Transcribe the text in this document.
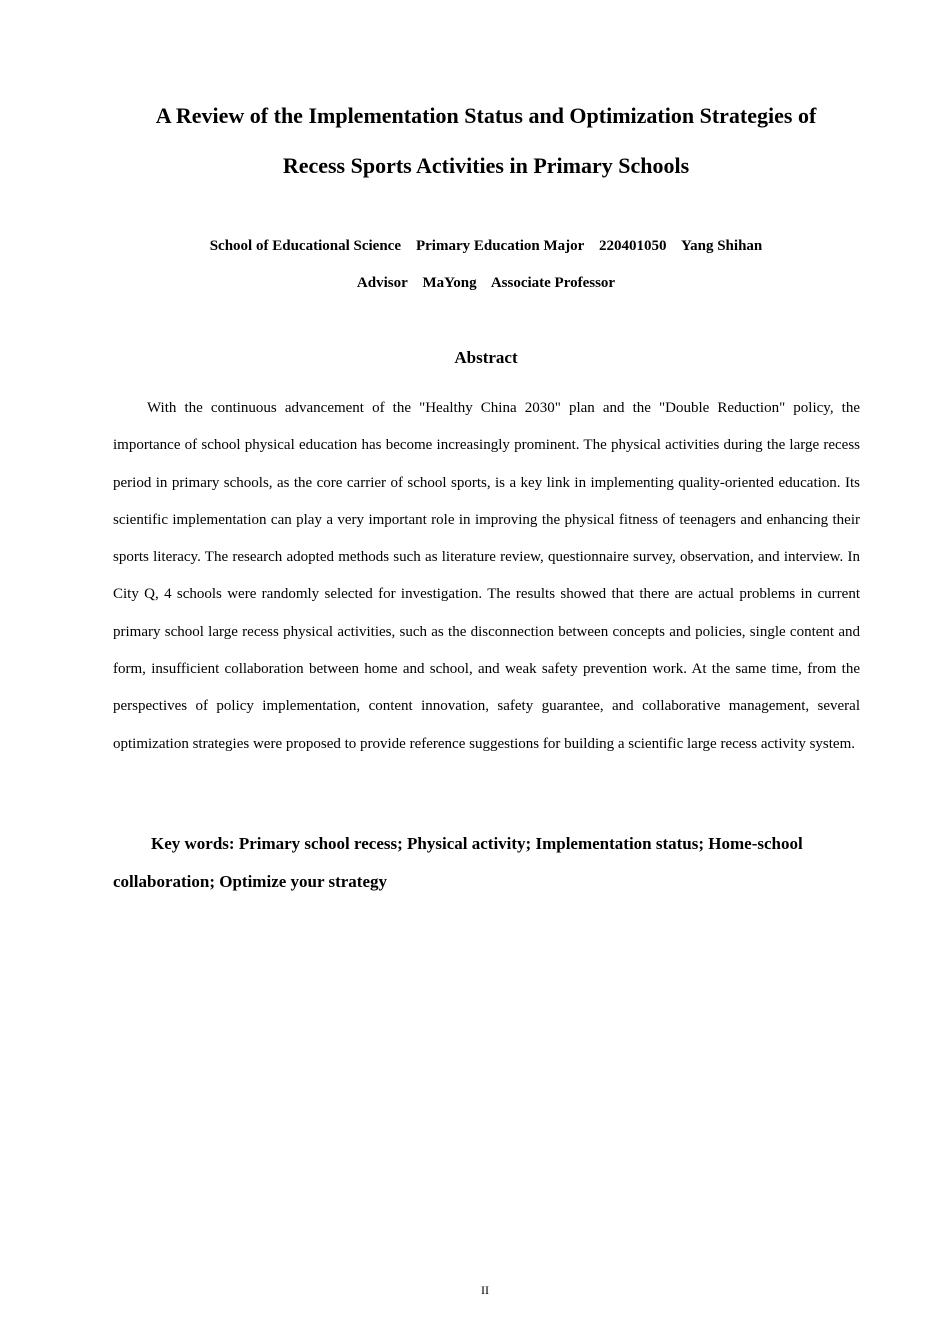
A Review of the Implementation Status and Optimization Strategies of
Recess Sports Activities in Primary Schools
School of Educational Science    Primary Education Major    220401050    Yang Shihan
Advisor    MaYong    Associate Professor
Abstract

With the continuous advancement of the "Healthy China 2030" plan and the "Double Reduction" policy, the importance of school physical education has become increasingly prominent. The physical activities during the large recess period in primary schools, as the core carrier of school sports, is a key link in implementing quality-oriented education. Its scientific implementation can play a very important role in improving the physical fitness of teenagers and enhancing their sports literacy. The research adopted methods such as literature review, questionnaire survey, observation, and interview. In City Q, 4 schools were randomly selected for investigation. The results showed that there are actual problems in current primary school large recess physical activities, such as the disconnection between concepts and policies, single content and form, insufficient collaboration between home and school, and weak safety prevention work. At the same time, from the perspectives of policy implementation, content innovation, safety guarantee, and collaborative management, several optimization strategies were proposed to provide reference suggestions for building a scientific large recess activity system.

Key words: Primary school recess; Physical activity; Implementation status; Home-school collaboration; Optimize your strategy

II
